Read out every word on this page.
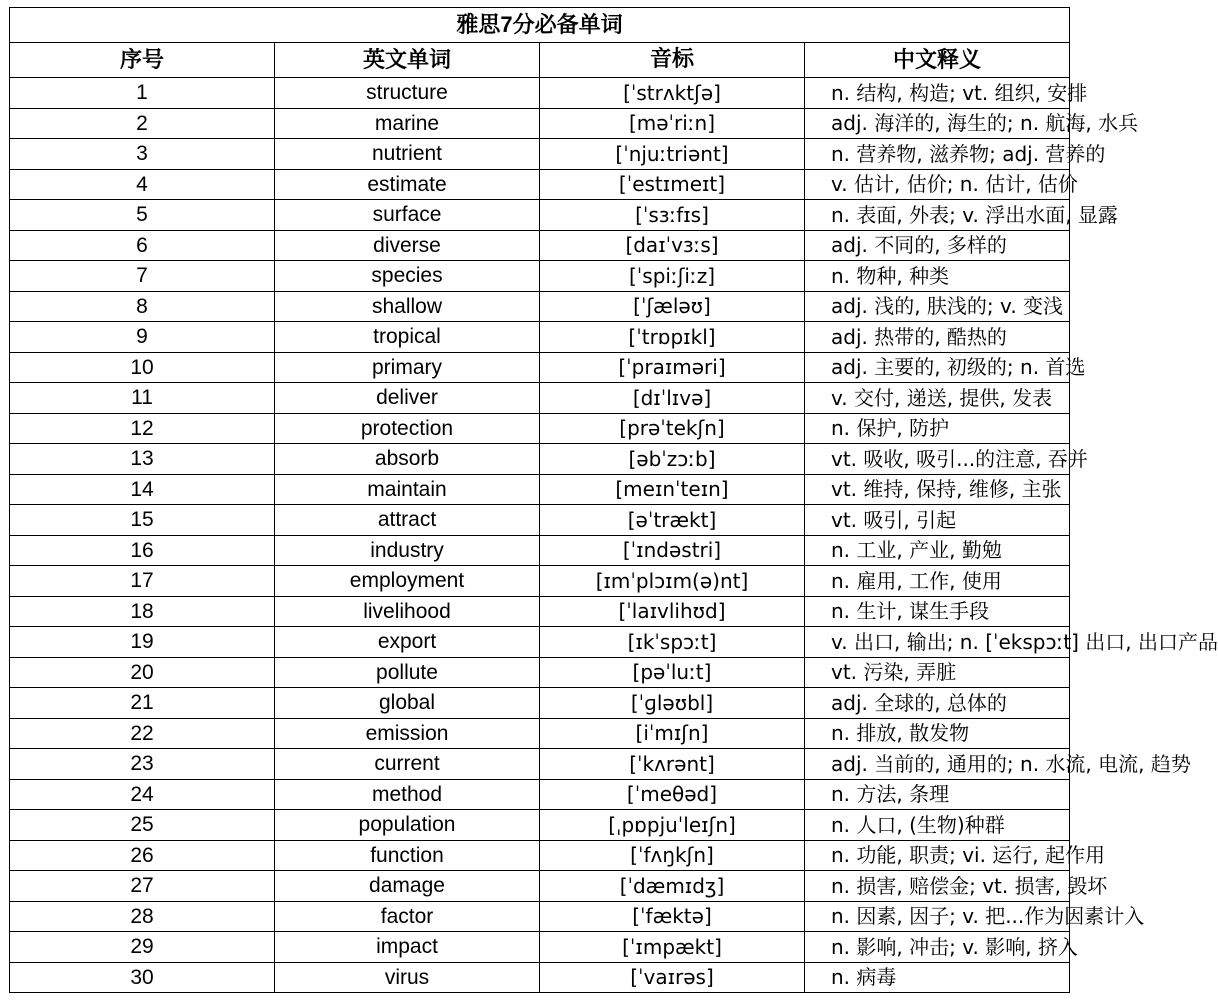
雅思7分必备单词			
序号	英文单词	音标	中文释义
1	structure	[ˈstrʌktʃə]	n. 结构, 构造; vt. 组织, 安排
2	marine	[məˈriːn]	adj. 海洋的, 海生的; n. 航海, 水兵
3	nutrient	[ˈnjuːtriənt]	n. 营养物, 滋养物; adj. 营养的
4	estimate	[ˈestɪmeɪt]	v. 估计, 估价; n. 估计, 估价
5	surface	[ˈsɜːfɪs]	n. 表面, 外表; v. 浮出水面, 显露
6	diverse	[daɪˈvɜːs]	adj. 不同的, 多样的
7	species	[ˈspiːʃiːz]	n. 物种, 种类
8	shallow	[ˈʃæləʊ]	adj. 浅的, 肤浅的; v. 变浅
9	tropical	[ˈtrɒpɪkl]	adj. 热带的, 酷热的
10	primary	[ˈpraɪməri]	adj. 主要的, 初级的; n. 首选
11	deliver	[dɪˈlɪvə]	v. 交付, 递送, 提供, 发表
12	protection	[prəˈtekʃn]	n. 保护, 防护
13	absorb	[əbˈzɔːb]	vt. 吸收, 吸引...的注意, 吞并
14	maintain	[meɪnˈteɪn]	vt. 维持, 保持, 维修, 主张
15	attract	[əˈtrækt]	vt. 吸引, 引起
16	industry	[ˈɪndəstri]	n. 工业, 产业, 勤勉
17	employment	[ɪmˈplɔɪm(ə)nt]	n. 雇用, 工作, 使用
18	livelihood	[ˈlaɪvlihʊd]	n. 生计, 谋生手段
19	export	[ɪkˈspɔːt]	v. 出口, 输出; n. [ˈekspɔːt] 出口, 出口产品
20	pollute	[pəˈluːt]	vt. 污染, 弄脏
21	global	[ˈɡləʊbl]	adj. 全球的, 总体的
22	emission	[iˈmɪʃn]	n. 排放, 散发物
23	current	[ˈkʌrənt]	adj. 当前的, 通用的; n. 水流, 电流, 趋势
24	method	[ˈmeθəd]	n. 方法, 条理
25	population	[ˌpɒpjuˈleɪʃn]	n. 人口, (生物)种群
26	function	[ˈfʌŋkʃn]	n. 功能, 职责; vi. 运行, 起作用
27	damage	[ˈdæmɪdʒ]	n. 损害, 赔偿金; vt. 损害, 毁坏
28	factor	[ˈfæktə]	n. 因素, 因子; v. 把...作为因素计入
29	impact	[ˈɪmpækt]	n. 影响, 冲击; v. 影响, 挤入
30	virus	[ˈvaɪrəs]	n. 病毒
